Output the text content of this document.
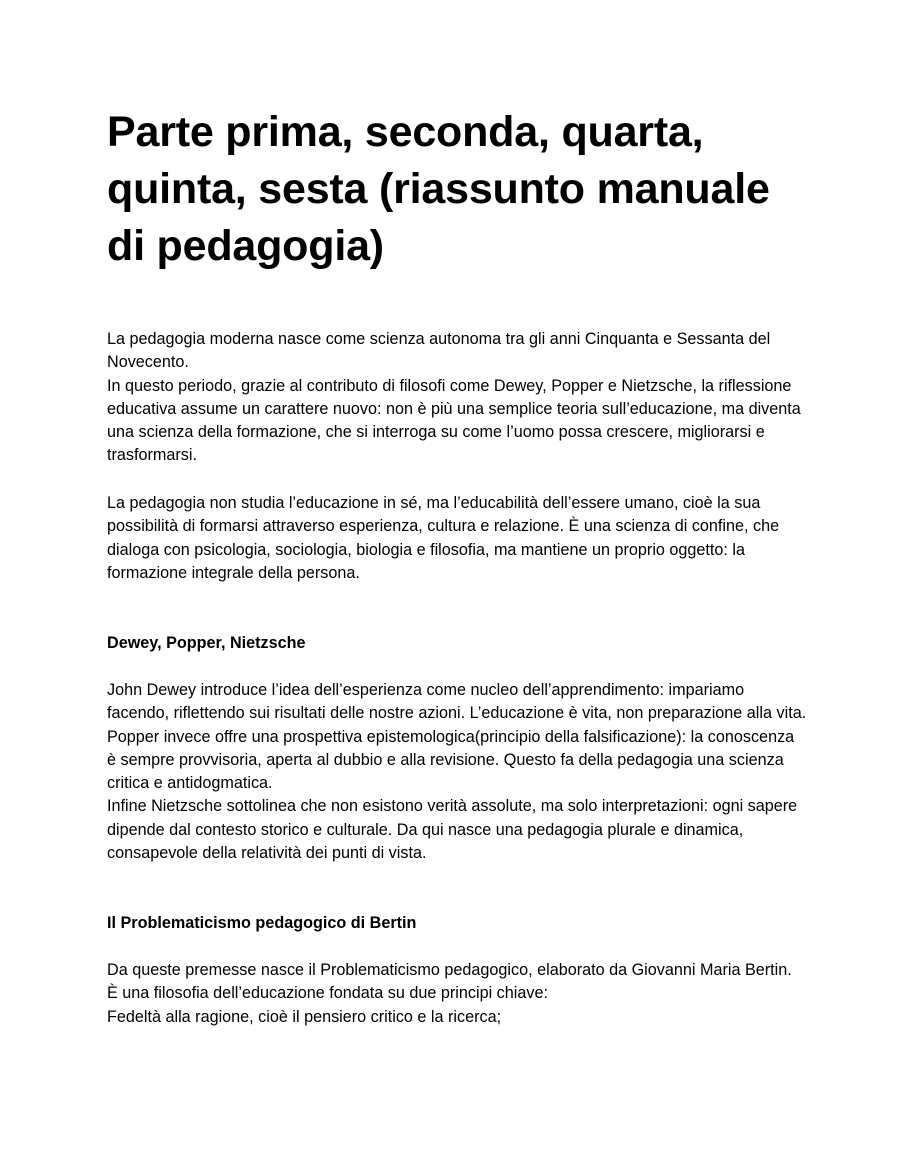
Parte prima, seconda, quarta, quinta, sesta (riassunto manuale di pedagogia)

La pedagogia moderna nasce come scienza autonoma tra gli anni Cinquanta e Sessanta del Novecento.

In questo periodo, grazie al contributo di filosofi come Dewey, Popper e Nietzsche, la riflessione educativa assume un carattere nuovo: non è più una semplice teoria sull’educazione, ma diventa una scienza della formazione, che si interroga su come l’uomo possa crescere, migliorarsi e trasformarsi.

La pedagogia non studia l’educazione in sé, ma l’educabilità dell’essere umano, cioè la sua possibilità di formarsi attraverso esperienza, cultura e relazione. È una scienza di confine, che dialoga con psicologia, sociologia, biologia e filosofia, ma mantiene un proprio oggetto: la formazione integrale della persona.

Dewey, Popper, Nietzsche

John Dewey introduce l’idea dell’esperienza come nucleo dell’apprendimento: impariamo facendo, riflettendo sui risultati delle nostre azioni. L’educazione è vita, non preparazione alla vita.

Popper invece offre una prospettiva epistemologica(principio della falsificazione): la conoscenza è sempre provvisoria, aperta al dubbio e alla revisione. Questo fa della pedagogia una scienza critica e antidogmatica.

Infine Nietzsche sottolinea che non esistono verità assolute, ma solo interpretazioni: ogni sapere dipende dal contesto storico e culturale. Da qui nasce una pedagogia plurale e dinamica, consapevole della relatività dei punti di vista.

Il Problematicismo pedagogico di Bertin

Da queste premesse nasce il Problematicismo pedagogico, elaborato da Giovanni Maria Bertin.

È una filosofia dell’educazione fondata su due principi chiave:

Fedeltà alla ragione, cioè il pensiero critico e la ricerca;
